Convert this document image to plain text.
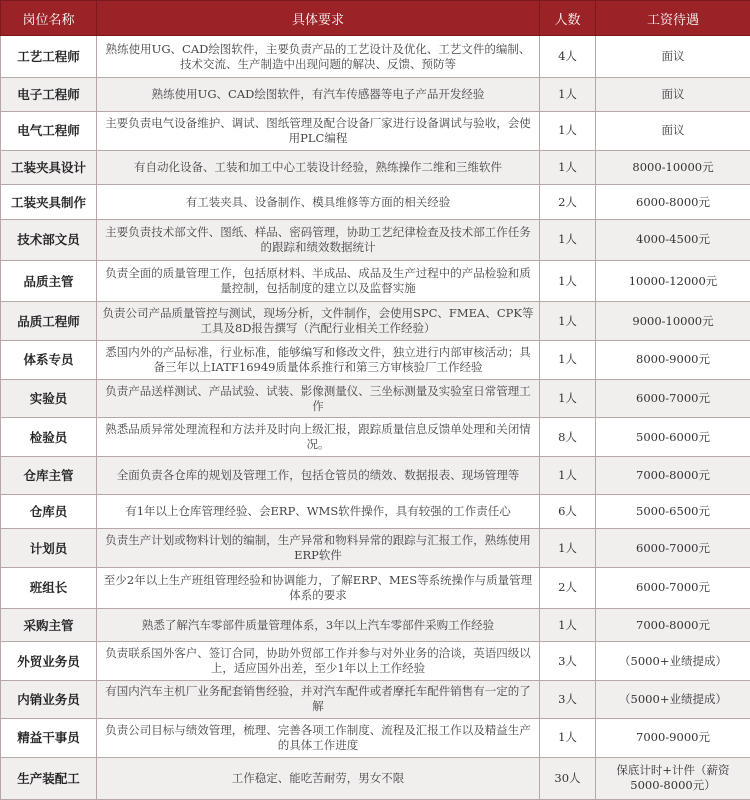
岗位名称	具体要求	人数	工资待遇
工艺工程师	熟练使用UG、CAD绘图软件，主要负责产品的工艺设计及优化、工艺文件的编制、技术交流、生产制造中出现问题的解决、反馈、预防等	4人	面议
电子工程师	熟练使用UG、CAD绘图软件，有汽车传感器等电子产品开发经验	1人	面议
电气工程师	主要负责电气设备维护、调试、图纸管理及配合设备厂家进行设备调试与验收，会使用PLC编程	1人	面议
工装夹具设计	有自动化设备、工装和加工中心工装设计经验，熟练操作二维和三维软件	1人	8000-10000元
工装夹具制作	有工装夹具、设备制作、模具维修等方面的相关经验	2人	6000-8000元
技术部文员	主要负责技术部文件、图纸、样品、密码管理，协助工艺纪律检查及技术部工作任务的跟踪和绩效数据统计	1人	4000-4500元
品质主管	负责全面的质量管理工作，包括原材料、半成品、成品及生产过程中的产品检验和质量控制，包括制度的建立以及监督实施	1人	10000-12000元
品质工程师	负责公司产品质量管控与测试，现场分析，文件制作，会使用SPC、FMEA、CPK等工具及8D报告撰写（汽配行业相关工作经验）	1人	9000-10000元
体系专员	悉国内外的产品标准，行业标准，能够编写和修改文件，独立进行内部审核活动；具备三年以上IATF16949质量体系推行和第三方审核验厂工作经验	1人	8000-9000元
实验员	负责产品送样测试、产品试验、试装、影像测量仪、三坐标测量及实验室日常管理工作	1人	6000-7000元
检验员	熟悉品质异常处理流程和方法并及时向上级汇报，跟踪质量信息反馈单处理和关闭情况。	8人	5000-6000元
仓库主管	全面负责各仓库的规划及管理工作，包括仓管员的绩效、数据报表、现场管理等	1人	7000-8000元
仓库员	有1年以上仓库管理经验、会ERP、WMS软件操作，具有较强的工作责任心	6人	5000-6500元
计划员	负责生产计划或物料计划的编制，生产异常和物料异常的跟踪与汇报工作，熟练使用ERP软件	1人	6000-7000元
班组长	至少2年以上生产班组管理经验和协调能力，了解ERP、MES等系统操作与质量管理体系的要求	2人	6000-7000元
采购主管	熟悉了解汽车零部件质量管理体系，3年以上汽车零部件采购工作经验	1人	7000-8000元
外贸业务员	负责联系国外客户、签订合同，协助外贸部工作并参与对外业务的洽谈，英语四级以上，适应国外出差，至少1年以上工作经验	3人	（5000+业绩提成）
内销业务员	有国内汽车主机厂业务配套销售经验，并对汽车配件或者摩托车配件销售有一定的了解	3人	（5000+业绩提成）
精益干事员	负责公司目标与绩效管理，梳理、完善各项工作制度、流程及汇报工作以及精益生产的具体工作进度	1人	7000-9000元
生产装配工	工作稳定、能吃苦耐劳，男女不限	30人	保底计时+计件（薪资5000-8000元）
